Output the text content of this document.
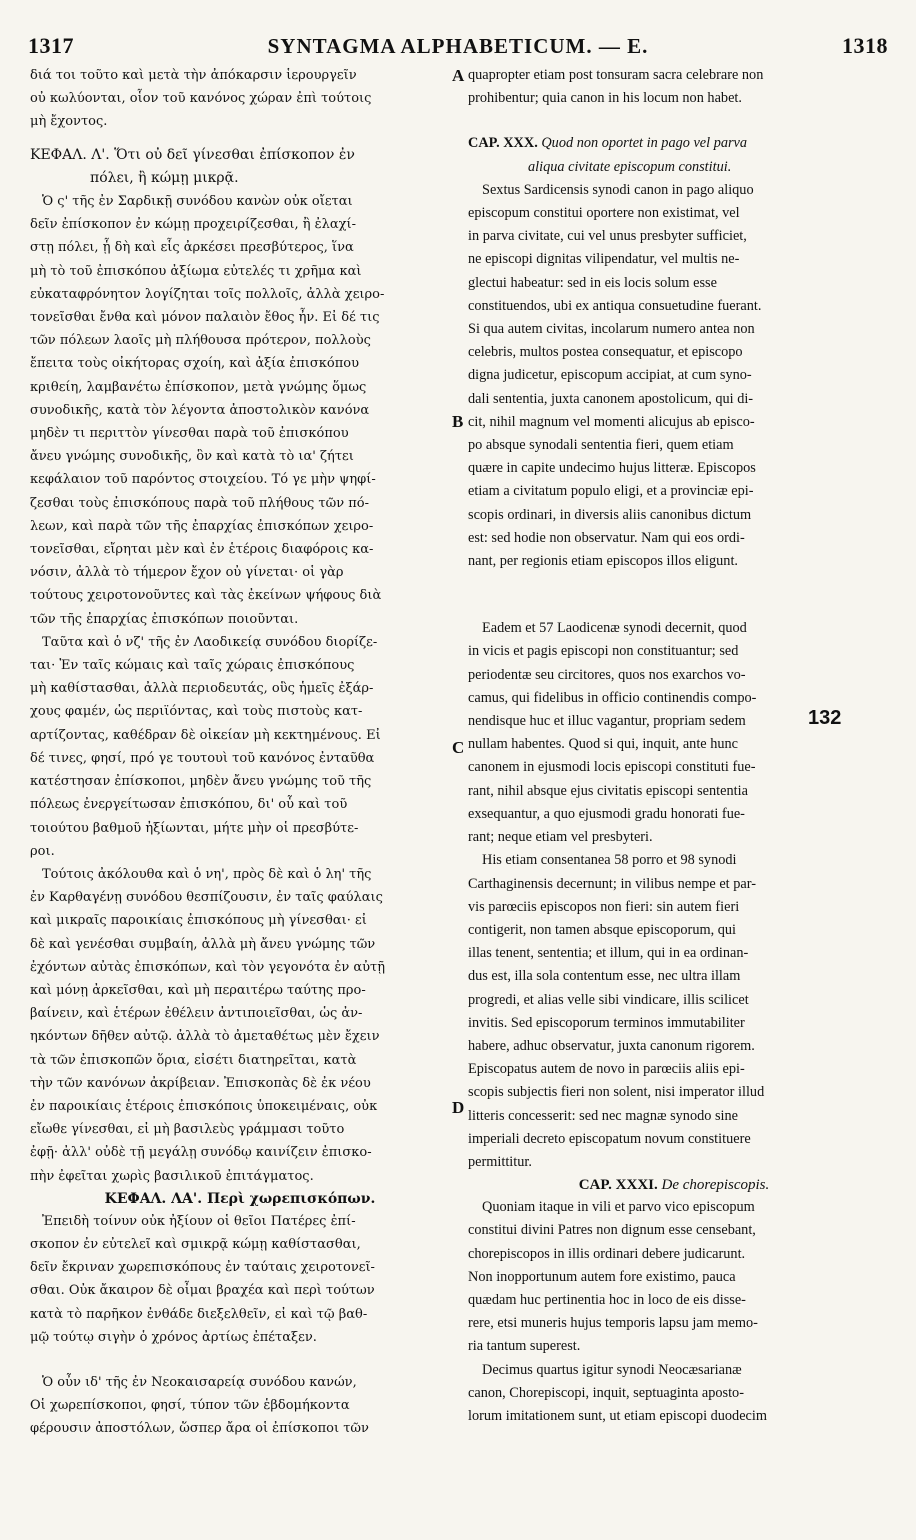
1317	SYNTAGMA ALPHABETICUM. — E.	1318
A
B
C
D
132
διά τοι τοῦτο καὶ μετὰ τὴν ἀπόκαρσιν ἱερουργεῖν
οὐ κωλύονται, οἷον τοῦ κανόνος χώραν ἐπὶ τούτοις
μὴ ἔχοντος.
ΚΕΦΑΛ. Λ'. Ὅτι οὐ δεῖ γίνεσθαι ἐπίσκοπον ἐν
πόλει, ἢ κώμῃ μικρᾷ.
Ὁ ς' τῆς ἐν Σαρδικῇ συνόδου κανὼν οὐκ οἴεται
δεῖν ἐπίσκοπον ἐν κώμῃ προχειρίζεσθαι, ἢ ἐλαχί-
στῃ πόλει, ᾗ δὴ καὶ εἷς ἀρκέσει πρεσβύτερος, ἵνα
μὴ τὸ τοῦ ἐπισκόπου ἀξίωμα εὐτελές τι χρῆμα καὶ
εὐκαταφρόνητον λογίζηται τοῖς πολλοῖς, ἀλλὰ χειρο-
τονεῖσθαι ἔνθα καὶ μόνον παλαιὸν ἔθος ἦν. Εἰ δέ τις
τῶν πόλεων λαοῖς μὴ πλήθουσα πρότερον, πολλοὺς
ἔπειτα τοὺς οἰκήτορας σχοίη, καὶ ἀξία ἐπισκόπου
κριθείη, λαμβανέτω ἐπίσκοπον, μετὰ γνώμης ὅμως
συνοδικῆς, κατὰ τὸν λέγοντα ἀποστολικὸν κανόνα
μηδὲν τι περιττὸν γίνεσθαι παρὰ τοῦ ἐπισκόπου
ἄνευ γνώμης συνοδικῆς, ὃν καὶ κατὰ τὸ ια' ζήτει
κεφάλαιον τοῦ παρόντος στοιχείου. Τό γε μὴν ψηφί-
ζεσθαι τοὺς ἐπισκόπους παρὰ τοῦ πλήθους τῶν πό-
λεων, καὶ παρὰ τῶν τῆς ἐπαρχίας ἐπισκόπων χειρο-
τονεῖσθαι, εἴρηται μὲν καὶ ἐν ἑτέροις διαφόροις κα-
νόσιν, ἀλλὰ τὸ τήμερον ἔχον οὐ γίνεται· οἱ γὰρ
τούτους χειροτονοῦντες καὶ τὰς ἐκείνων ψήφους διὰ
τῶν τῆς ἐπαρχίας ἐπισκόπων ποιοῦνται.
Ταῦτα καὶ ὁ νζ' τῆς ἐν Λαοδικείᾳ συνόδου διορίζε-
ται· Ἐν ταῖς κώμαις καὶ ταῖς χώραις ἐπισκόπους
μὴ καθίστασθαι, ἀλλὰ περιοδευτάς, οὓς ἡμεῖς ἐξάρ-
χους φαμέν, ὡς περιϊόντας, καὶ τοὺς πιστοὺς κατ-
αρτίζοντας, καθέδραν δὲ οἰκείαν μὴ κεκτημένους. Εἰ
δέ τινες, φησί, πρό γε τουτουὶ τοῦ κανόνος ἐνταῦθα
κατέστησαν ἐπίσκοποι, μηδὲν ἄνευ γνώμης τοῦ τῆς
πόλεως ἐνεργείτωσαν ἐπισκόπου, δι' οὗ καὶ τοῦ
τοιούτου βαθμοῦ ἠξίωνται, μήτε μὴν οἱ πρεσβύτε-
ροι.
Τούτοις ἀκόλουθα καὶ ὁ νη', πρὸς δὲ καὶ ὁ λη' τῆς
ἐν Καρθαγένῃ συνόδου θεσπίζουσιν, ἐν ταῖς φαύλαις
καὶ μικραῖς παροικίαις ἐπισκόπους μὴ γίνεσθαι· εἰ
δὲ καὶ γενέσθαι συμβαίη, ἀλλὰ μὴ ἄνευ γνώμης τῶν
ἐχόντων αὐτὰς ἐπισκόπων, καὶ τὸν γεγονότα ἐν αὐτῇ
καὶ μόνῃ ἀρκεῖσθαι, καὶ μὴ περαιτέρω ταύτης προ-
βαίνειν, καὶ ἑτέρων ἐθέλειν ἀντιποιεῖσθαι, ὡς ἀν-
ηκόντων δῆθεν αὐτῷ. ἀλλὰ τὸ ἀμεταθέτως μὲν ἔχειν
τὰ τῶν ἐπισκοπῶν ὅρια, εἰσέτι διατηρεῖται, κατὰ
τὴν τῶν κανόνων ἀκρίβειαν. Ἐπισκοπὰς δὲ ἐκ νέου
ἐν παροικίαις ἑτέροις ἐπισκόποις ὑποκειμέναις, οὐκ
εἴωθε γίνεσθαι, εἰ μὴ βασιλεὺς γράμμασι τοῦτο
ἐφῇ· ἀλλ' οὐδὲ τῇ μεγάλῃ συνόδῳ καινίζειν ἐπισκο-
πὴν ἐφεῖται χωρὶς βασιλικοῦ ἐπιτάγματος.
ΚΕΦΑΛ. ΛΑ'. Περὶ χωρεπισκόπων.
Ἐπειδὴ τοίνυν οὐκ ἠξίουν οἱ θεῖοι Πατέρες ἐπί-
σκοπον ἐν εὐτελεῖ καὶ σμικρᾷ κώμῃ καθίστασθαι,
δεῖν ἔκριναν χωρεπισκόπους ἐν ταύταις χειροτονεῖ-
σθαι. Οὐκ ἄκαιρον δὲ οἶμαι βραχέα καὶ περὶ τούτων
κατὰ τὸ παρῆκον ἐνθάδε διεξελθεῖν, εἰ καὶ τῷ βαθ-
μῷ τούτῳ σιγὴν ὁ χρόνος ἀρτίως ἐπέταξεν.
Ὁ οὖν ιδ' τῆς ἐν Νεοκαισαρείᾳ συνόδου κανών,
Οἱ χωρεπίσκοποι, φησί, τύπον τῶν ἑβδομήκοντα
φέρουσιν ἀποστόλων, ὥσπερ ἄρα οἱ ἐπίσκοποι τῶν
quapropter etiam post tonsuram sacra celebrare non
prohibentur; quia canon in his locum non habet.
CAP. XXX. Quod non oportet in pago vel parva
aliqua civitate episcopum constitui.
Sextus Sardicensis synodi canon in pago aliquo
episcopum constitui oportere non existimat, vel
in parva civitate, cui vel unus presbyter sufficiet,
ne episcopi dignitas vilipendatur, vel multis ne-
glectui habeatur: sed in eis locis solum esse
constituendos, ubi ex antiqua consuetudine fuerant.
Si qua autem civitas, incolarum numero antea non
celebris, multos postea consequatur, et episcopo
digna judicetur, episcopum accipiat, at cum syno-
dali sententia, juxta canonem apostolicum, qui di-
cit, nihil magnum vel momenti alicujus ab episco-
po absque synodali sententia fieri, quem etiam
quære in capite undecimo hujus litteræ. Episcopos
etiam a civitatum populo eligi, et a provinciæ epi-
scopis ordinari, in diversis aliis canonibus dictum
est: sed hodie non observatur. Nam qui eos ordi-
nant, per regionis etiam episcopos illos eligunt.
Eadem et 57 Laodicenæ synodi decernit, quod
in vicis et pagis episcopi non constituantur; sed
periodentæ seu circitores, quos nos exarchos vo-
camus, qui fidelibus in officio continendis compo-
nendisque huc et illuc vagantur, propriam sedem
nullam habentes. Quod si qui, inquit, ante hunc
canonem in ejusmodi locis episcopi constituti fue-
rant, nihil absque ejus civitatis episcopi sententia
exsequantur, a quo ejusmodi gradu honorati fue-
rant; neque etiam vel presbyteri.
His etiam consentanea 58 porro et 98 synodi
Carthaginensis decernunt; in vilibus nempe et par-
vis parœciis episcopos non fieri: sin autem fieri
contigerit, non tamen absque episcoporum, qui
illas tenent, sententia; et illum, qui in ea ordinan-
dus est, illa sola contentum esse, nec ultra illam
progredi, et alias velle sibi vindicare, illis scilicet
invitis. Sed episcoporum terminos immutabiliter
habere, adhuc observatur, juxta canonum rigorem.
Episcopatus autem de novo in parœciis aliis epi-
scopis subjectis fieri non solent, nisi imperator illud
litteris concesserit: sed nec magnæ synodo sine
imperiali decreto episcopatum novum constituere
permittitur.
CAP. XXXI. De chorepiscopis.
Quoniam itaque in vili et parvo vico episcopum
constitui divini Patres non dignum esse censebant,
chorepiscopos in illis ordinari debere judicarunt.
Non inopportunum autem fore existimo, pauca
quædam huc pertinentia hoc in loco de eis disse-
rere, etsi muneris hujus temporis lapsu jam memo-
ria tantum superest.
Decimus quartus igitur synodi Neocæsarianæ
canon, Chorepiscopi, inquit, septuaginta aposto-
lorum imitationem sunt, ut etiam episcopi duodecim
